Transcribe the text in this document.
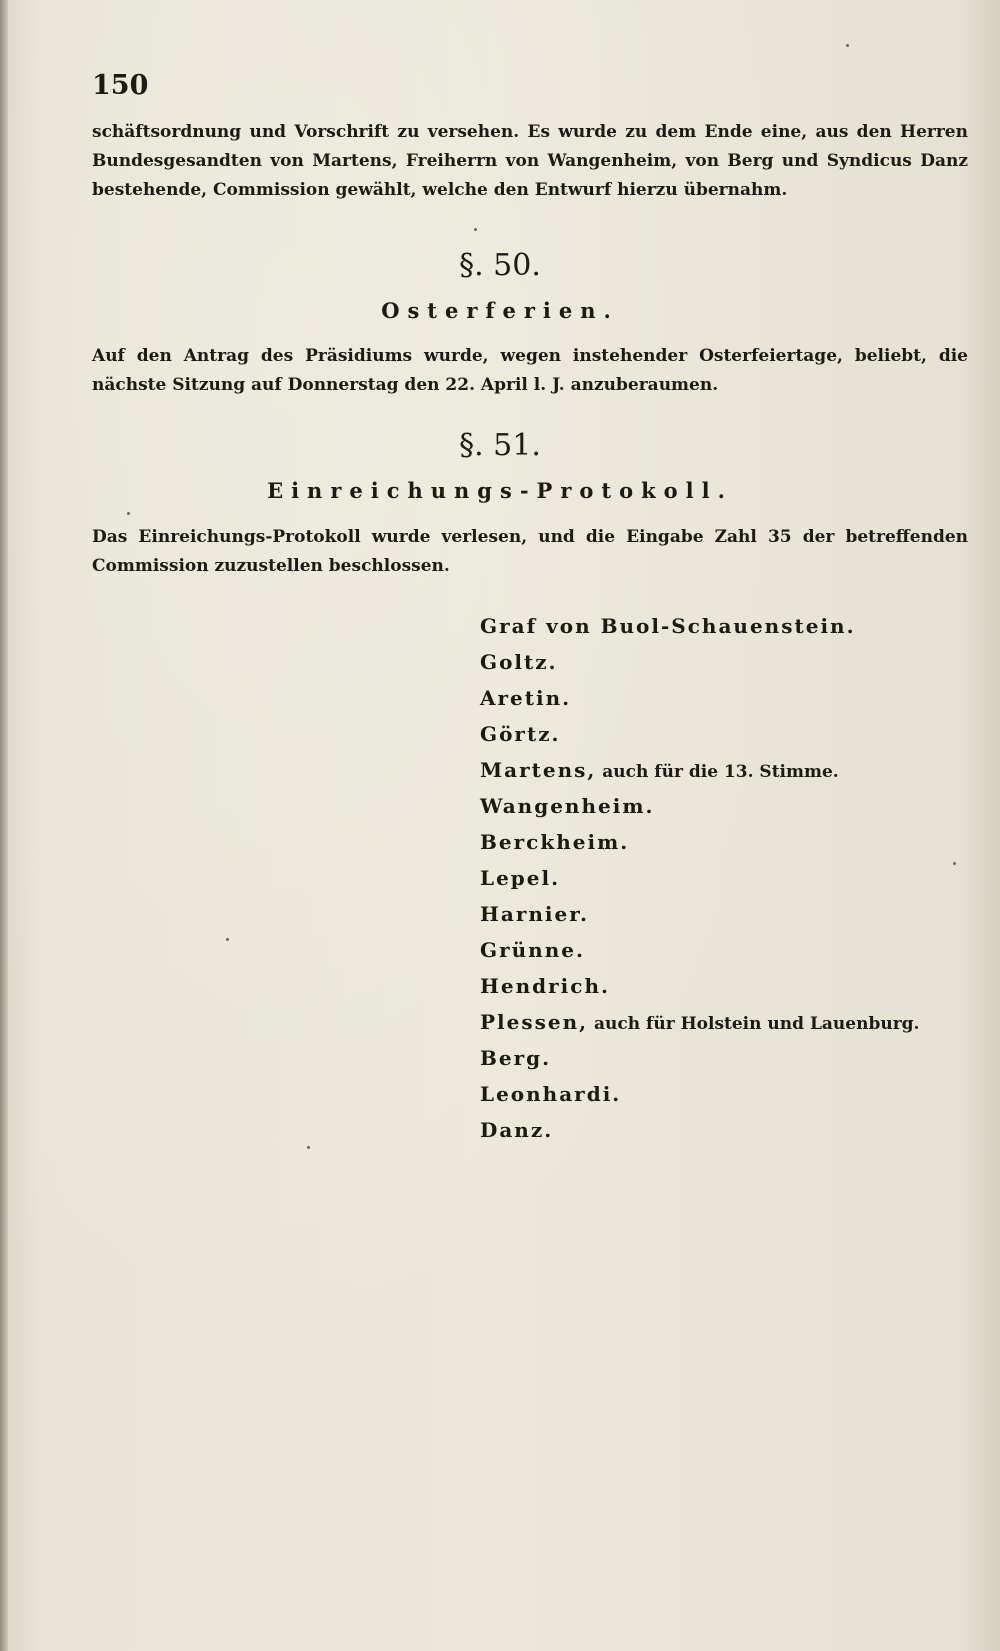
150

schäftsordnung und Vorschrift zu versehen. Es wurde zu dem Ende eine, aus den Herren Bundesgesandten von Martens, Freiherrn von Wangenheim, von Berg und Syndicus Danz bestehende, Commission gewählt, welche den Entwurf hierzu übernahm.

§. 50.
Osterferien.

Auf den Antrag des Präsidiums wurde, wegen instehender Osterfeiertage, beliebt, die nächste Sitzung auf Donnerstag den 22. April l. J. anzuberaumen.

§. 51.
Einreichungs-Protokoll.

Das Einreichungs-Protokoll wurde verlesen, und die Eingabe Zahl 35 der betreffenden Commission zuzustellen beschlossen.

Graf von Buol-Schauenstein.
Goltz.
Aretin.
Görtz.
Martens, auch für die 13. Stimme.
Wangenheim.
Berckheim.
Lepel.
Harnier.
Grünne.
Hendrich.
Plessen, auch für Holstein und Lauenburg.
Berg.
Leonhardi.
Danz.
